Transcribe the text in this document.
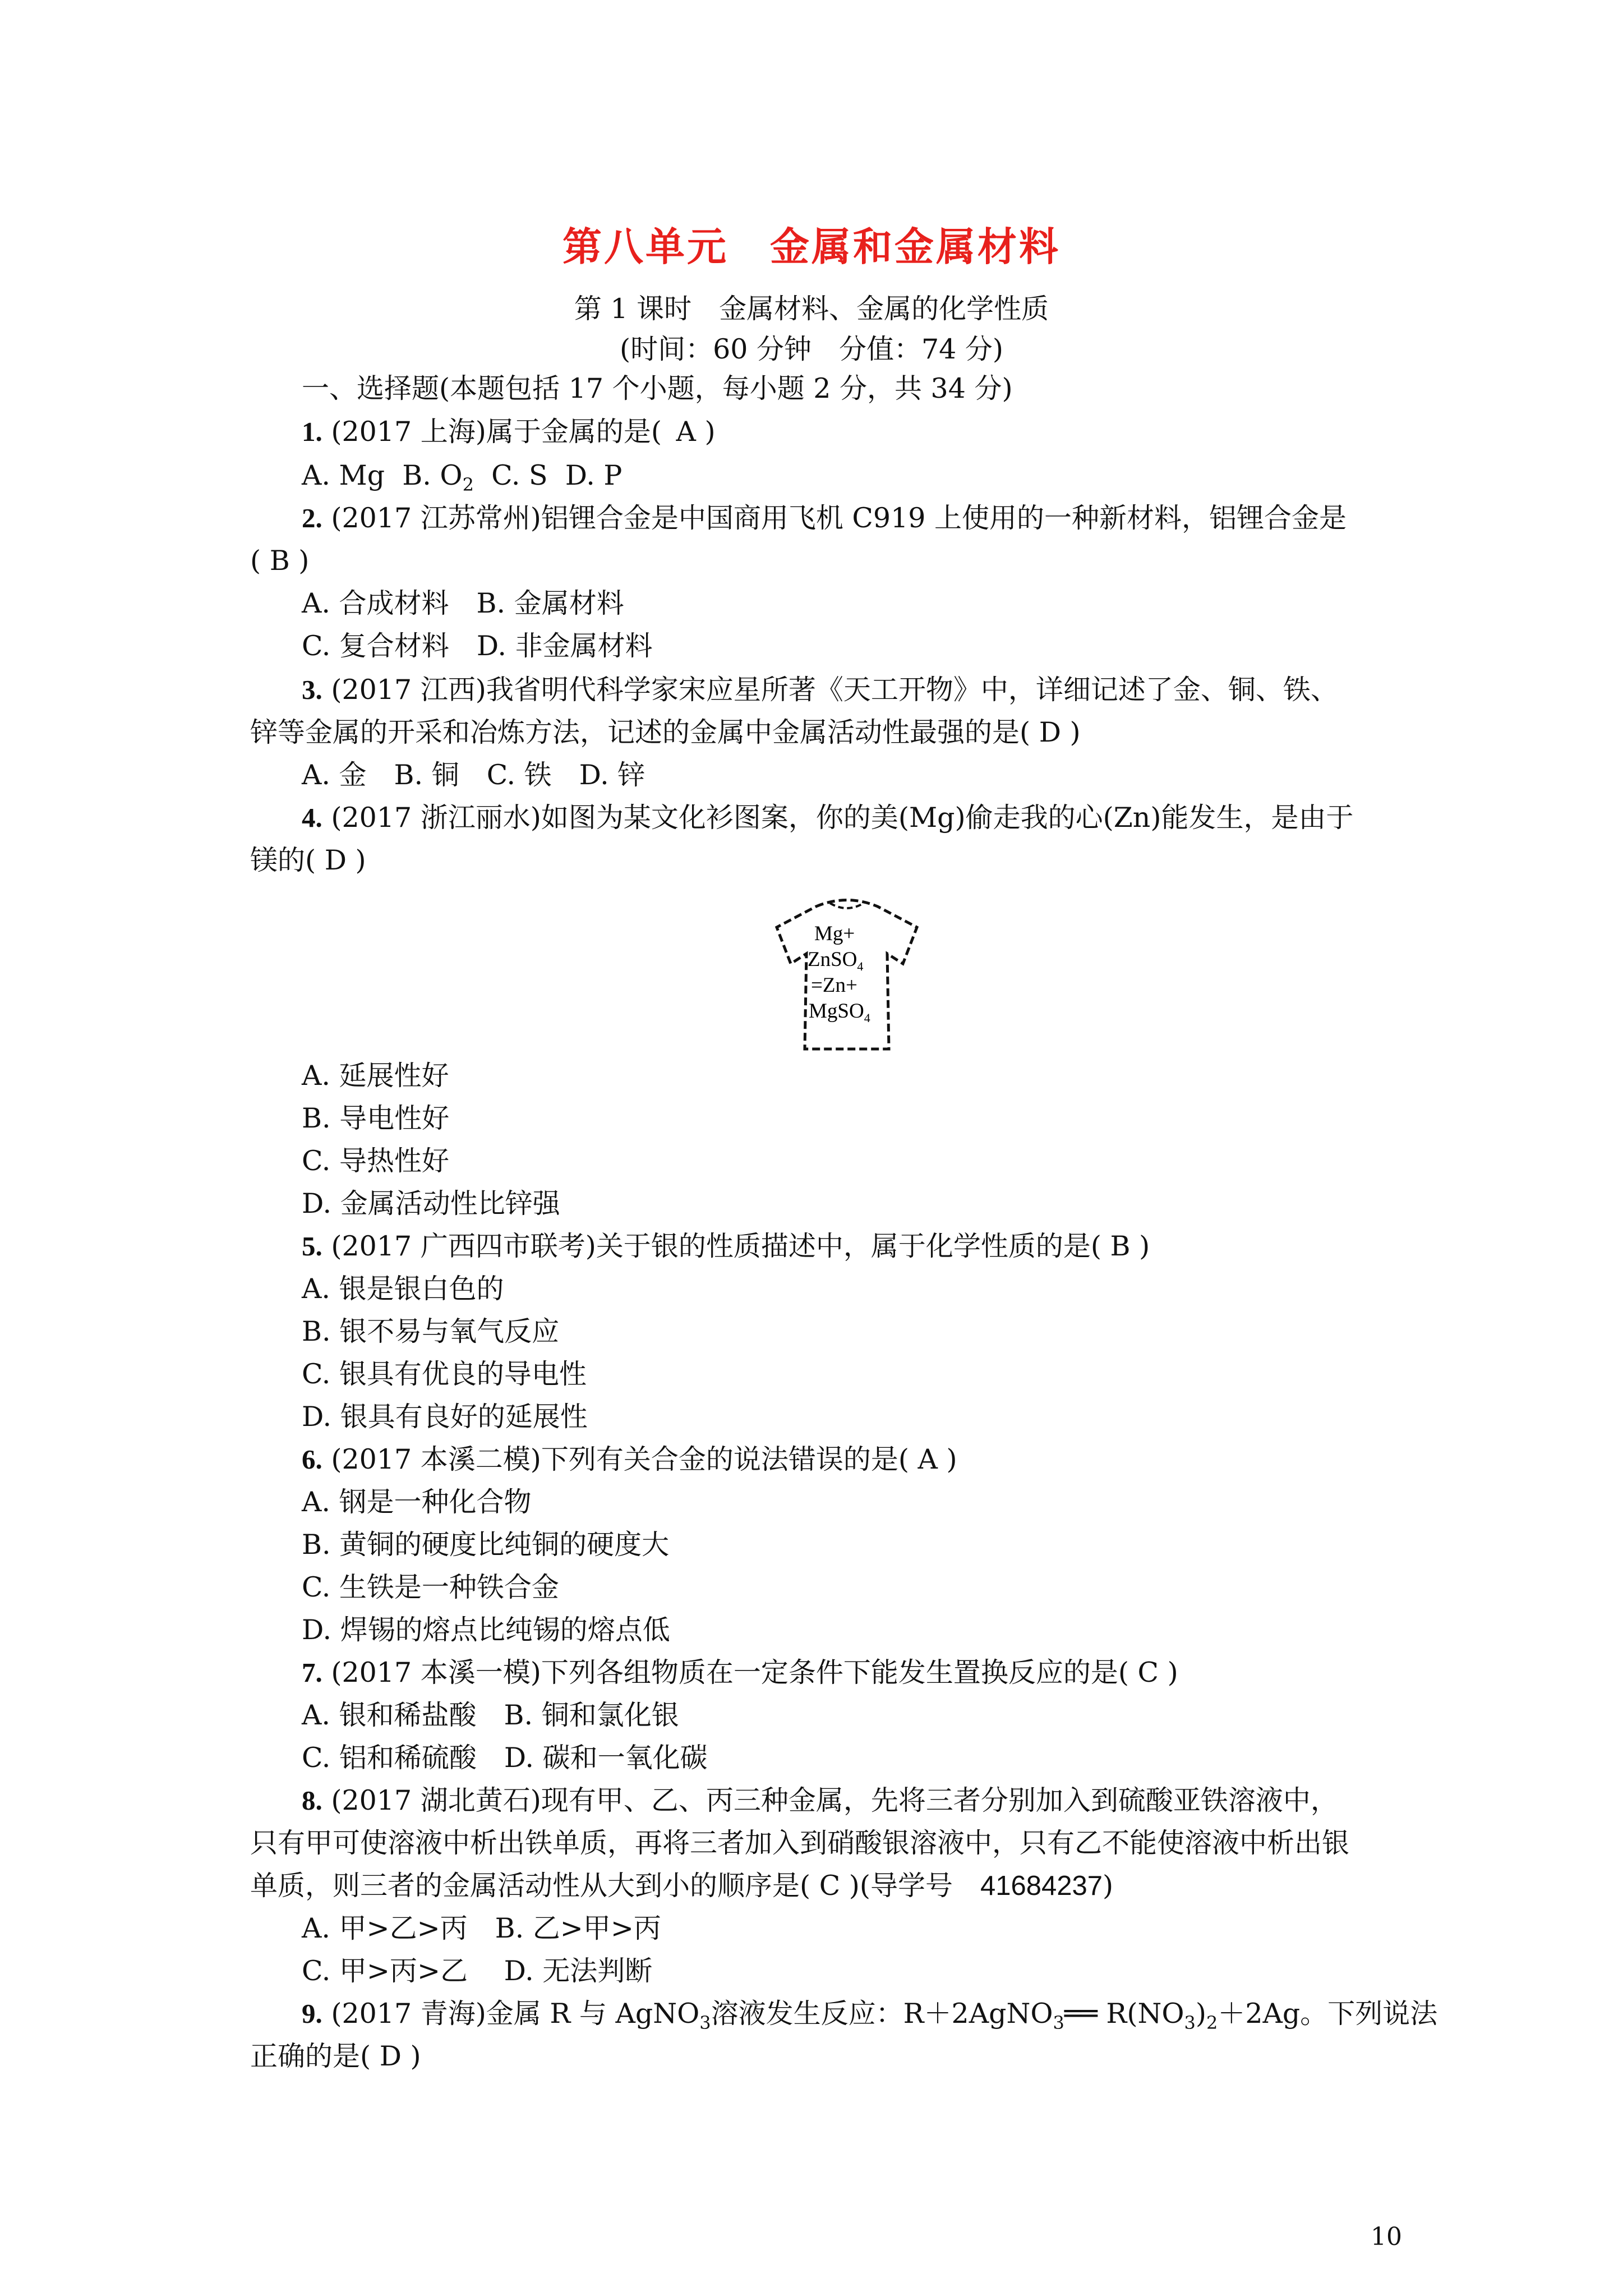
第八单元　金属和金属材料
第 1 课时　金属材料、金属的化学性质
(时间：60 分钟　分值：74 分)
一、选择题(本题包括 17 个小题，每小题 2 分，共 34 分)
1. (2017 上海)属于金属的是( A )
A. Mg B. $O_2$ C. S D. P
2. (2017 江苏常州)铝锂合金是中国商用飞机 C919 上使用的一种新材料，铝锂合金是
( B )
A. 合成材料　B. 金属材料
C. 复合材料　D. 非金属材料
3. (2017 江西)我省明代科学家宋应星所著《天工开物》中，详细记述了金、铜、铁、
锌等金属的开采和冶炼方法，记述的金属中金属活动性最强的是( D )
A. 金　B. 铜　C. 铁　D. 锌
4. (2017 浙江丽水)如图为某文化衫图案，你的美(Mg)偷走我的心(Zn)能发生，是由于
镁的( D )
Mg+
ZnSO$_4$
=Zn+
MgSO$_4$
A. 延展性好
B. 导电性好
C. 导热性好
D. 金属活动性比锌强
5. (2017 广西四市联考)关于银的性质描述中，属于化学性质的是( B )
A. 银是银白色的
B. 银不易与氧气反应
C. 银具有优良的导电性
D. 银具有良好的延展性
6. (2017 本溪二模)下列有关合金的说法错误的是( A )
A. 钢是一种化合物
B. 黄铜的硬度比纯铜的硬度大
C. 生铁是一种铁合金
D. 焊锡的熔点比纯锡的熔点低
7. (2017 本溪一模)下列各组物质在一定条件下能发生置换反应的是( C )
A. 银和稀盐酸　B. 铜和氯化银
C. 铝和稀硫酸　D. 碳和一氧化碳
8. (2017 湖北黄石)现有甲、乙、丙三种金属，先将三者分别加入到硫酸亚铁溶液中，
只有甲可使溶液中析出铁单质，再将三者加入到硝酸银溶液中，只有乙不能使溶液中析出银
单质，则三者的金属活动性从大到小的顺序是( C )(导学号　41684237)
A. 甲>乙>丙　B. 乙>甲>丙
C. 甲>丙>乙　 D. 无法判断
9. (2017 青海)金属 R 与 AgNO$_3$溶液发生反应：R＋2AgNO$_3$══ $R(NO_3)_2+2Ag$。下列说法
正确的是( D )
10
